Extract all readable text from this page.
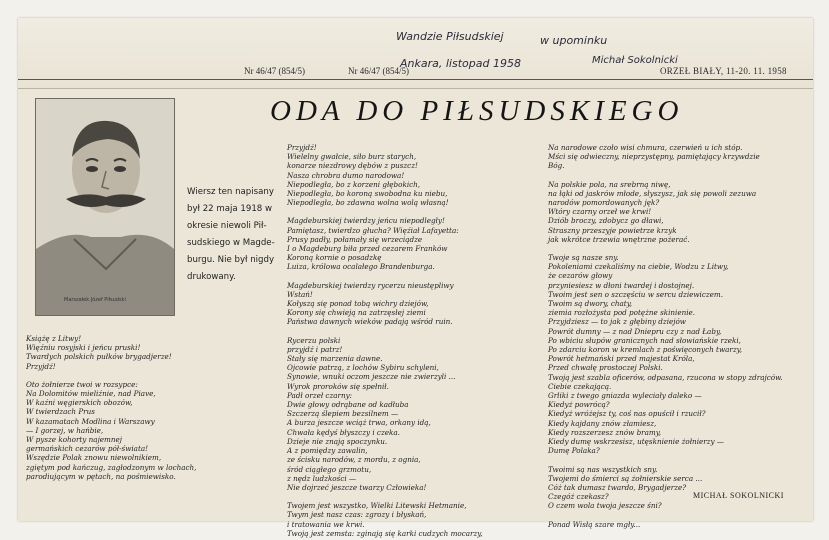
Wandzie Piłsudskiej	w upominku
Ankara, listopad 1958	Michał Sokolnicki
Nr 46/47 (854/5)	Nr 46/47 (854/5)	ORZEŁ BIAŁY, 11-20. 11. 1958
ODA DO PIŁSUDSKIEGO
Marszałek Józef Piłsudski
Wiersz ten napisany
był 22 maja 1918 w
okresie niewoli Pił-
sudskiego w Magde-
burgu. Nie był nigdy
drukowany.
Książę z Litwy!
Więźniu rosyjski i jeńcu pruski!
Twardych polskich pułków brygadjerze!
Przyjdź!
Oto żołnierze twoi w rozsypce:
Na Dolomitów mieliźnie, nad Piave,
W kaźni węgierskich obozów,
W twierdzach Prus
W kazamatach Modlina i Warszawy
— I gorzej, w hańbie,
W pysze kohorty najemnej
germańskich cezarów pół-świata!
Wszędzie Polak znowu niewolnikiem,
zgiętym pod kańczug, zagłodzonym w lochach,
parodiującym w pętach, na pośmiewisko.
Przyjdź!
Wielelny gwałcie, siło burz starych,
konarze niezdrowy dębów z puszcz!
Nasza chrobra dumo narodowa!
Niepodległa, bo z korzeni głębokich,
Niepodległa, bo koroną swobodna ku niebu,
Niepodległa, bo zdawna wolna wolą własną!
Magdeburskiej twierdzy jeńcu niepodległy!
Pamiętasz, twierdzo głucha? Więźiał Lafayetta:
Prusy padły, połamały się wrzeciądze
I o Magdeburg biła przed cezarem Franków
Koroną kornie o posadzkę
Luiza, królowa ocalałego Brandenburga.
Magdeburskiej twierdzy rycerzu nieustępliwy
Wstań!
Kołyszą się ponad tobą wichry dziejów,
Korony się chwieją na zatrzęsłej ziemi
Państwa dawnych wieków padają wśród ruin.
Rycerzu polski
przyjdź i patrz!
Stały się marzenia dawne.
Ojcowie patrzą, z lochów Sybiru schyleni,
Synowie, wnuki oczom jeszcze nie zwierzyli ...
Wyrok proroków się spełnił.
Padł orzeł czarny:
Dwie głowy odrąbane od kadłuba
Szczerzą ślepiem bezsilnem —
A burza jeszcze wciąż trwa, orkany idą,
Chwała kędyś błyszczy i czeka.
Dzieje nie znają spoczynku.
A z pomiędzy zawalin,
ze ścisku narodów, z mordu, z ognia,
śród ciągłego grzmotu,
z nędz ludzkości —
Nie dojrzeć jeszcze twarzy Człowieka!
Twojem jest wszystko, Wielki Litewski Hetmanie,
Twym jest nasz czas: zgrozy i błyskań,
i tratowania we krwi.
Twoją jest zemsta: zginają się karki cudzych mocarzy,
Na narodowe czoło wisi chmura, czerwień u ich stóp.
Mści się odwieczny, nieprzystępny, pamiętający krzywdzie
Bóg.
Na polskie pola, na srebrną niwę,
na łąki od jaskrów młode, słyszysz, jak się powoli zezuwa
narodów pomordowanych jęk?
Wtóry czarny orzeł we krwi!
Dziób broczy, zdobycz go dławi,
Straszny przeszyje powietrze krzyk
jak wkrótce trzewia wnętrzne pożerać.
Twoje są nasze sny.
Pokoleniami czekaliśmy na ciebie, Wodzu z Litwy,
że cezarów głowy
przyniesiesz w dłoni twardej i dostojnej.
Twoim jest sen o szczęściu w sercu dziewiczem.
Twoim są dwory, chaty,
ziemia rozłożysta pod potężne skinienie.
Przyjdziesz — to jak z głębiny dziejów
Powrót dumny — z nad Dniepru czy z nad Łaby,
Po wbiciu słupów granicznych nad słowiańskie rzeki,
Po zdarciu koron w kremlach z poświęconych twarzy,
Powrót hetmański przed majestat Króla,
Przed chwałę prostoczej Polski.
Twoją jest szabla oficerów, odpasana, rzucona w stopy zdrajców.
Ciebie czekającą.
Grliki z twego gniazda wyleciały daleko —
Kiedyż powrócą?
Kiedyż wróżejsz ty, coś nas opuścił i rzucił?
Kiedy kajdany znów złamiesz,
Kiedy rozszerzesz znów bramy,
Kiedy dumę wskrzesisz, utęsknienie żołnierzy —
Dumę Polaka?
Twoimi są nas wszystkich sny.
Twojemi do śmierci są żołnierskie serca ...
Cóż tak dumasz twardo, Brygadjerze?
Czegóż czekasz?
O czem wola twoja jeszcze śni?
Ponad Wisłą szare mgły...
MICHAŁ SOKOLNICKI
